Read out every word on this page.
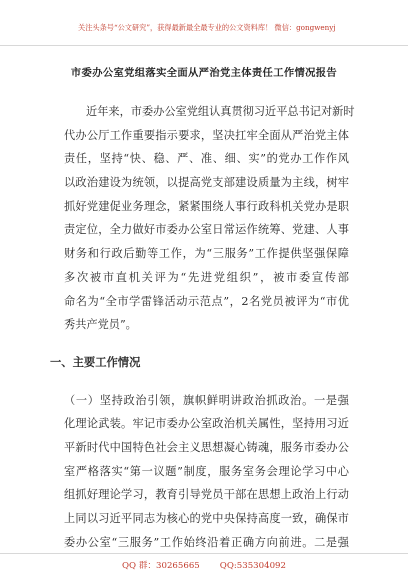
关注头条号“公文研究”，获得最新最全最专业的公文资料库！ 微信：gongwenyj
市委办公室党组落实全面从严治党主体责任工作情况报告
近年来，市委办公室党组认真贯彻习近平总书记对新时
代办公厅工作重要指示要求，坚决扛牢全面从严治党主体
责任，坚持“快、稳、严、准、细、实”的党办工作作风
以政治建设为统领，以提高党支部建设质量为主线，树牢
抓好党建促业务理念，紧紧围绕人事行政科机关党办是职
责定位，全力做好市委办公室日常运作统筹、党建、人事
财务和行政后勤等工作，为“三服务”工作提供坚强保障
多次被市直机关评为“先进党组织”，被市委宣传部
命名为“全市学雷锋活动示范点”，2名党员被评为“市优
秀共产党员”。
一、主要工作情况
（一）坚持政治引领，旗帜鲜明讲政治抓政治。一是强
化理论武装。牢记市委办公室政治机关属性，坚持用习近
平新时代中国特色社会主义思想凝心铸魂，服务市委办公
室严格落实“第一议题”制度，服务室务会理论学习中心
组抓好理论学习，教育引导党员干部在思想上政治上行动
上同以习近平同志为核心的党中央保持高度一致，确保市
委办公室“三服务”工作始终沿着正确方向前进。二是强
QQ 群：30265665 QQ:535304092
